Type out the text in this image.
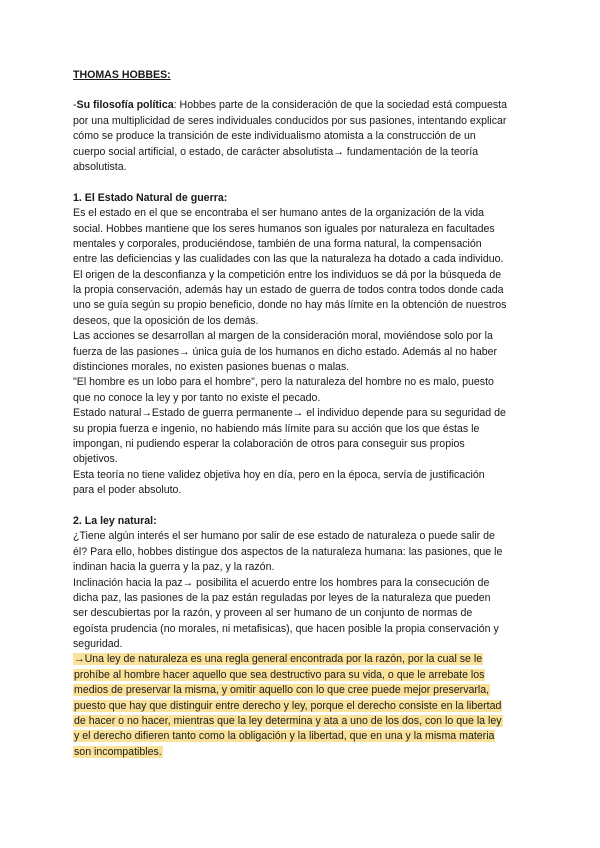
THOMAS HOBBES:
-Su filosofía política: Hobbes parte de la consideración de que la sociedad está compuesta
por una multiplicidad de seres individuales conducidos por sus pasiones, intentando explicar
cómo se produce la transición de este individualismo atomista a la construcción de un
cuerpo social artificial, o estado, de carácter absolutista→ fundamentación de la teoría
absolutista.
1. El Estado Natural de guerra:
Es el estado en el que se encontraba el ser humano antes de la organización de la vida
social. Hobbes mantiene que los seres humanos son iguales por naturaleza en facultades
mentales y corporales, produciéndose, también de una forma natural, la compensación
entre las deficiencias y las cualidades con las que la naturaleza ha dotado a cada individuo.
El origen de la desconfianza y la competición entre los individuos se dá por la búsqueda de
la propia conservación, además hay un estado de guerra de todos contra todos donde cada
uno se guía según su propio beneficio, donde no hay más límite en la obtención de nuestros
deseos, que la oposición de los demás.
Las acciones se desarrollan al margen de la consideración moral, moviéndose solo por la
fuerza de las pasiones→ única guía de los humanos en dicho estado. Además al no haber
distinciones morales, no existen pasiones buenas o malas.
"El hombre es un lobo para el hombre", pero la naturaleza del hombre no es malo, puesto
que no conoce la ley y por tanto no existe el pecado.
Estado natural→Estado de guerra permanente→ el individuo depende para su seguridad de
su propia fuerza e ingenio, no habiendo más límite para su acción que los que éstas le
impongan, ni pudiendo esperar la colaboración de otros para conseguir sus propios
objetivos.
Esta teoría no tiene validez objetiva hoy en día, pero en la época, servía de justificación
para el poder absoluto.
2. La ley natural:
¿Tiene algún interés el ser humano por salir de ese estado de naturaleza o puede salir de
él? Para ello, hobbes distingue dos aspectos de la naturaleza humana: las pasiones, que le
indinan hacia la guerra y la paz, y la razón.
Inclinación hacia la paz→ posibilita el acuerdo entre los hombres para la consecución de
dicha paz, las pasiones de la paz están reguladas por leyes de la naturaleza que pueden
ser descubiertas por la razón, y proveen al ser humano de un conjunto de normas de
egoísta prudencia (no morales, ni metafisicas), que hacen posible la propia conservación y
seguridad.
→Una ley de naturaleza es una regla general encontrada por la razón, por la cual se le
prohíbe al hombre hacer aquello que sea destructivo para su vida, o que le arrebate los
medios de preservar la misma, y omitir aquello con lo que cree puede mejor preservarla,
puesto que hay que distinguir entre derecho y ley, porque el derecho consiste en la libertad
de hacer o no hacer, mientras que la ley determina y ata a uno de los dos, con lo que la ley
y el derecho difieren tanto como la obligación y la libertad, que en una y la misma materia
son incompatibles.
